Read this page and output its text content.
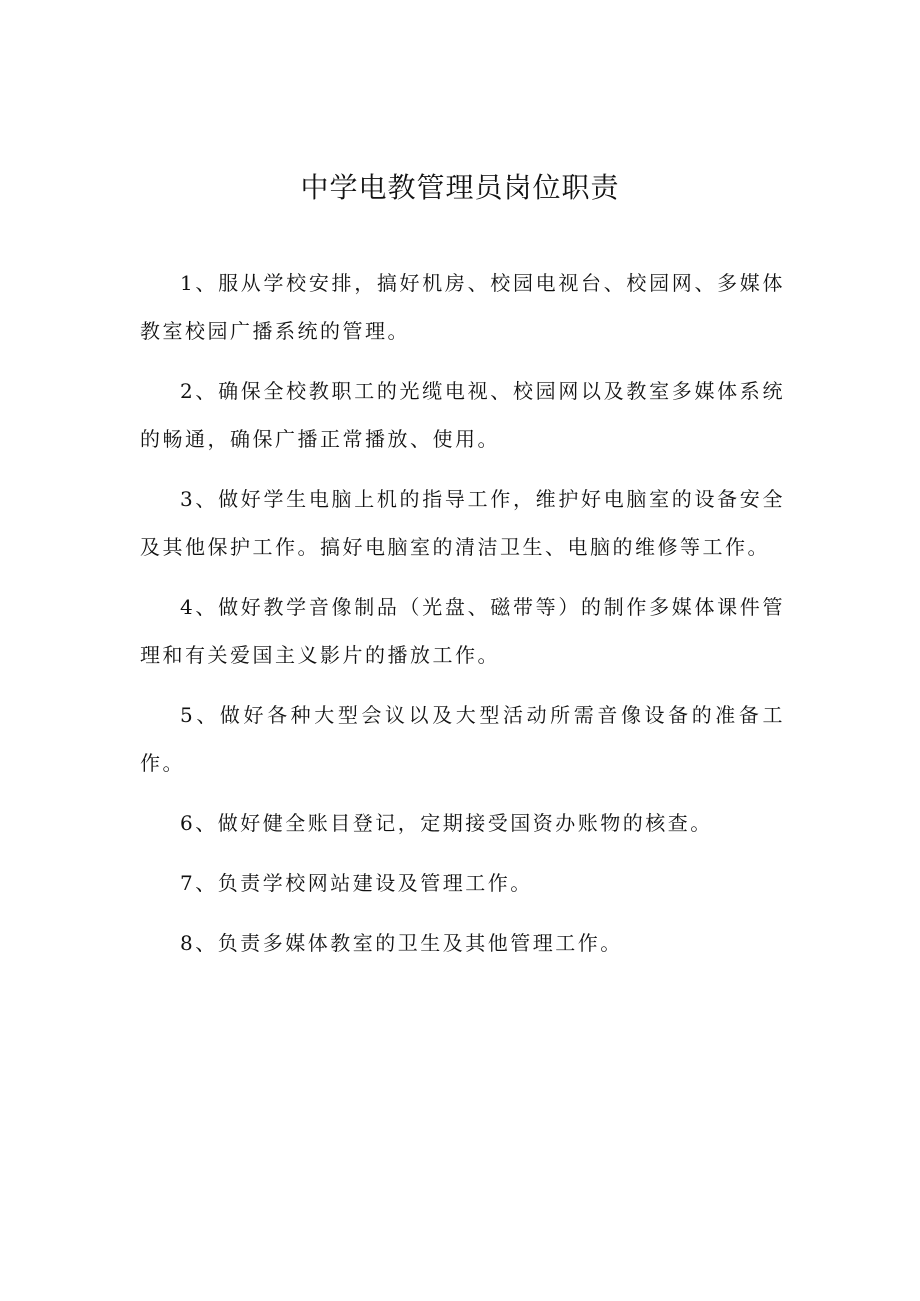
中学电教管理员岗位职责

1、服从学校安排，搞好机房、校园电视台、校园网、多媒体教室校园广播系统的管理。

2、确保全校教职工的光缆电视、校园网以及教室多媒体系统的畅通，确保广播正常播放、使用。

3、做好学生电脑上机的指导工作，维护好电脑室的设备安全及其他保护工作。搞好电脑室的清洁卫生、电脑的维修等工作。

4、做好教学音像制品（光盘、磁带等）的制作多媒体课件管理和有关爱国主义影片的播放工作。

5、做好各种大型会议以及大型活动所需音像设备的准备工作。

6、做好健全账目登记，定期接受国资办账物的核查。

7、负责学校网站建设及管理工作。

8、负责多媒体教室的卫生及其他管理工作。
